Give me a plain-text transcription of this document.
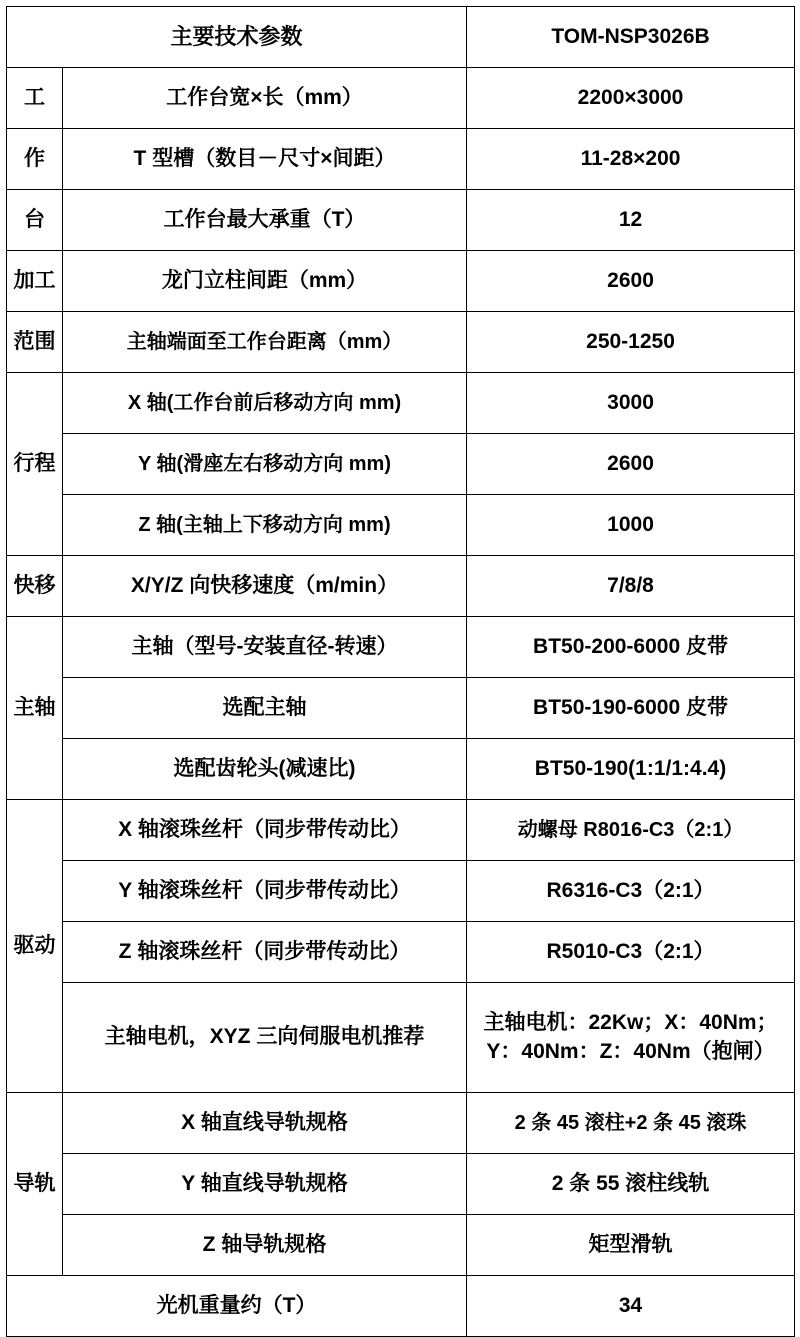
主要技术参数		TOM-NSP3026B
工	工作台宽×长（mm）	2200×3000
作	T 型槽（数目－尺寸×间距）	11-28×200
台	工作台最大承重（T）	12
加工	龙门立柱间距（mm）	2600
范围	主轴端面至工作台距离（mm）	250-1250
行程	X 轴(工作台前后移动方向 mm)	3000
	Y 轴(滑座左右移动方向 mm)	2600
	Z 轴(主轴上下移动方向 mm)	1000
快移	X/Y/Z 向快移速度（m/min）	7/8/8
主轴	主轴（型号-安装直径-转速）	BT50-200-6000 皮带
	选配主轴	BT50-190-6000 皮带
	选配齿轮头(减速比)	BT50-190(1:1/1:4.4)
驱动	X 轴滚珠丝杆（同步带传动比）	动螺母 R8016-C3（2:1）
	Y 轴滚珠丝杆（同步带传动比）	R6316-C3（2:1）
	Z 轴滚珠丝杆（同步带传动比）	R5010-C3（2:1）
	主轴电机，XYZ 三向伺服电机推荐	主轴电机：22Kw；X：40Nm；
Y：40Nm：Z：40Nm（抱闸）

导轨	X 轴直线导轨规格	2 条 45 滚柱+2 条 45 滚珠
	Y 轴直线导轨规格	2 条 55 滚柱线轨
	Z 轴导轨规格	矩型滑轨
光机重量约（T）		34
